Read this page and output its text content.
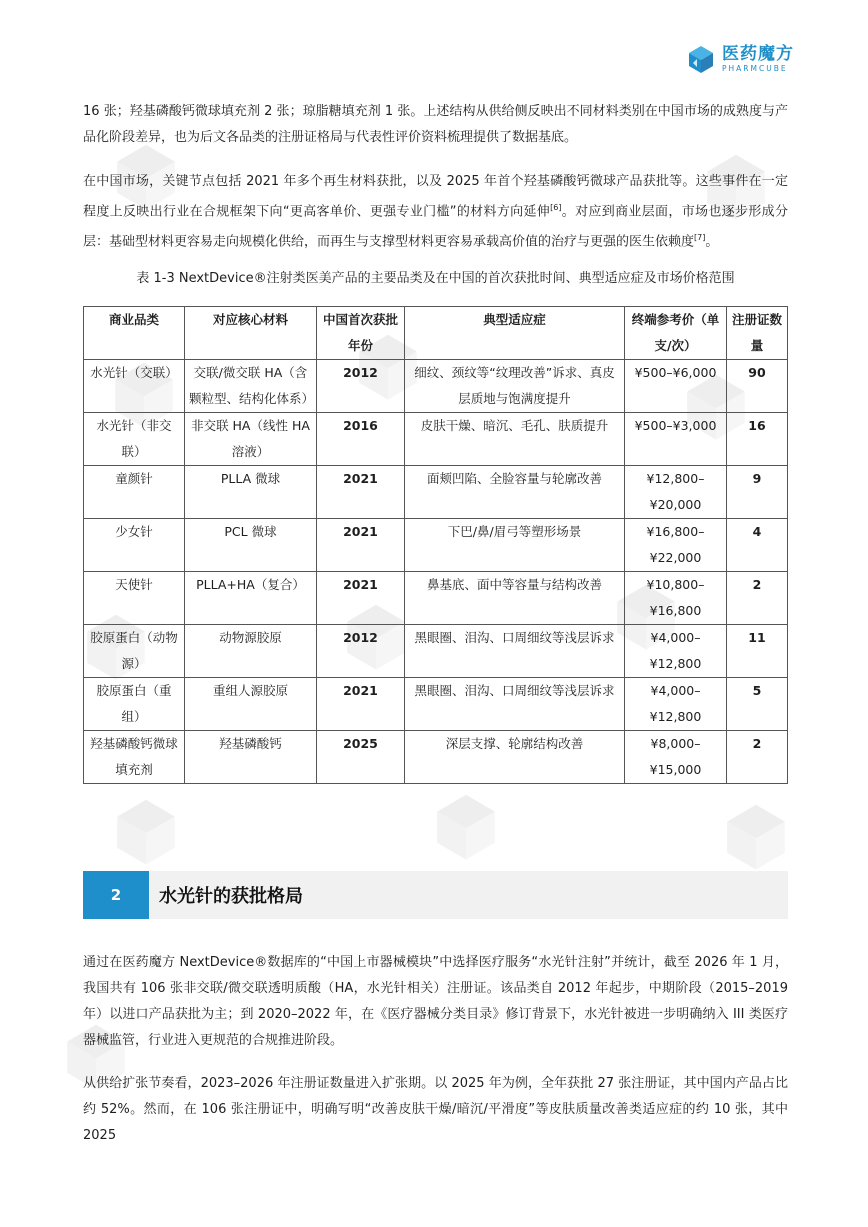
医药魔方
PHARMCUBE

16 张；羟基磷酸钙微球填充剂 2 张；琼脂糖填充剂 1 张。上述结构从供给侧反映出不同材料类别在中国市场的成熟度与产品化阶段差异，也为后文各品类的注册证格局与代表性评价资料梳理提供了数据基底。

在中国市场，关键节点包括 2021 年多个再生材料获批，以及 2025 年首个羟基磷酸钙微球产品获批等。这些事件在一定程度上反映出行业在合规框架下向“更高客单价、更强专业门槛”的材料方向延伸[6]。对应到商业层面，市场也逐步形成分层：基础型材料更容易走向规模化供给，而再生与支撑型材料更容易承载高价值的治疗与更强的医生依赖度[7]。

表 1-3 NextDevice®注射类医美产品的主要品类及在中国的首次获批时间、典型适应症及市场价格范围
商业品类	对应核心材料	中国首次获批年份	典型适应症	终端参考价（单支/次）	注册证数量
水光针（交联）	交联/微交联 HA（含颗粒型、结构化体系）	2012	细纹、颈纹等“纹理改善”诉求、真皮层质地与饱满度提升	¥500–¥6,000	90
水光针（非交联）	非交联 HA（线性 HA 溶液）	2016	皮肤干燥、暗沉、毛孔、肤质提升	¥500–¥3,000	16
童颜针	PLLA 微球	2021	面颊凹陷、全脸容量与轮廓改善	¥12,800–¥20,000	9
少女针	PCL 微球	2021	下巴/鼻/眉弓等塑形场景	¥16,800–¥22,000	4
天使针	PLLA+HA（复合）	2021	鼻基底、面中等容量与结构改善	¥10,800–¥16,800	2
胶原蛋白（动物源）	动物源胶原	2012	黑眼圈、泪沟、口周细纹等浅层诉求	¥4,000–¥12,800	11
胶原蛋白（重组）	重组人源胶原	2021	黑眼圈、泪沟、口周细纹等浅层诉求	¥4,000–¥12,800	5
羟基磷酸钙微球填充剂	羟基磷酸钙	2025	深层支撑、轮廓结构改善	¥8,000–¥15,000	2
2	水光针的获批格局

通过在医药魔方 NextDevice®数据库的“中国上市器械模块”中选择医疗服务“水光针注射”并统计，截至 2026 年 1 月，我国共有 106 张非交联/微交联透明质酸（HA，水光针相关）注册证。该品类自 2012 年起步，中期阶段（2015–2019 年）以进口产品获批为主；到 2020–2022 年，在《医疗器械分类目录》修订背景下，水光针被进一步明确纳入 III 类医疗器械监管，行业进入更规范的合规推进阶段。

从供给扩张节奏看，2023–2026 年注册证数量进入扩张期。以 2025 年为例，全年获批 27 张注册证，其中国内产品占比约 52%。然而，在 106 张注册证中，明确写明“改善皮肤干燥/暗沉/平滑度”等皮肤质量改善类适应症的约 10 张，其中 2025
